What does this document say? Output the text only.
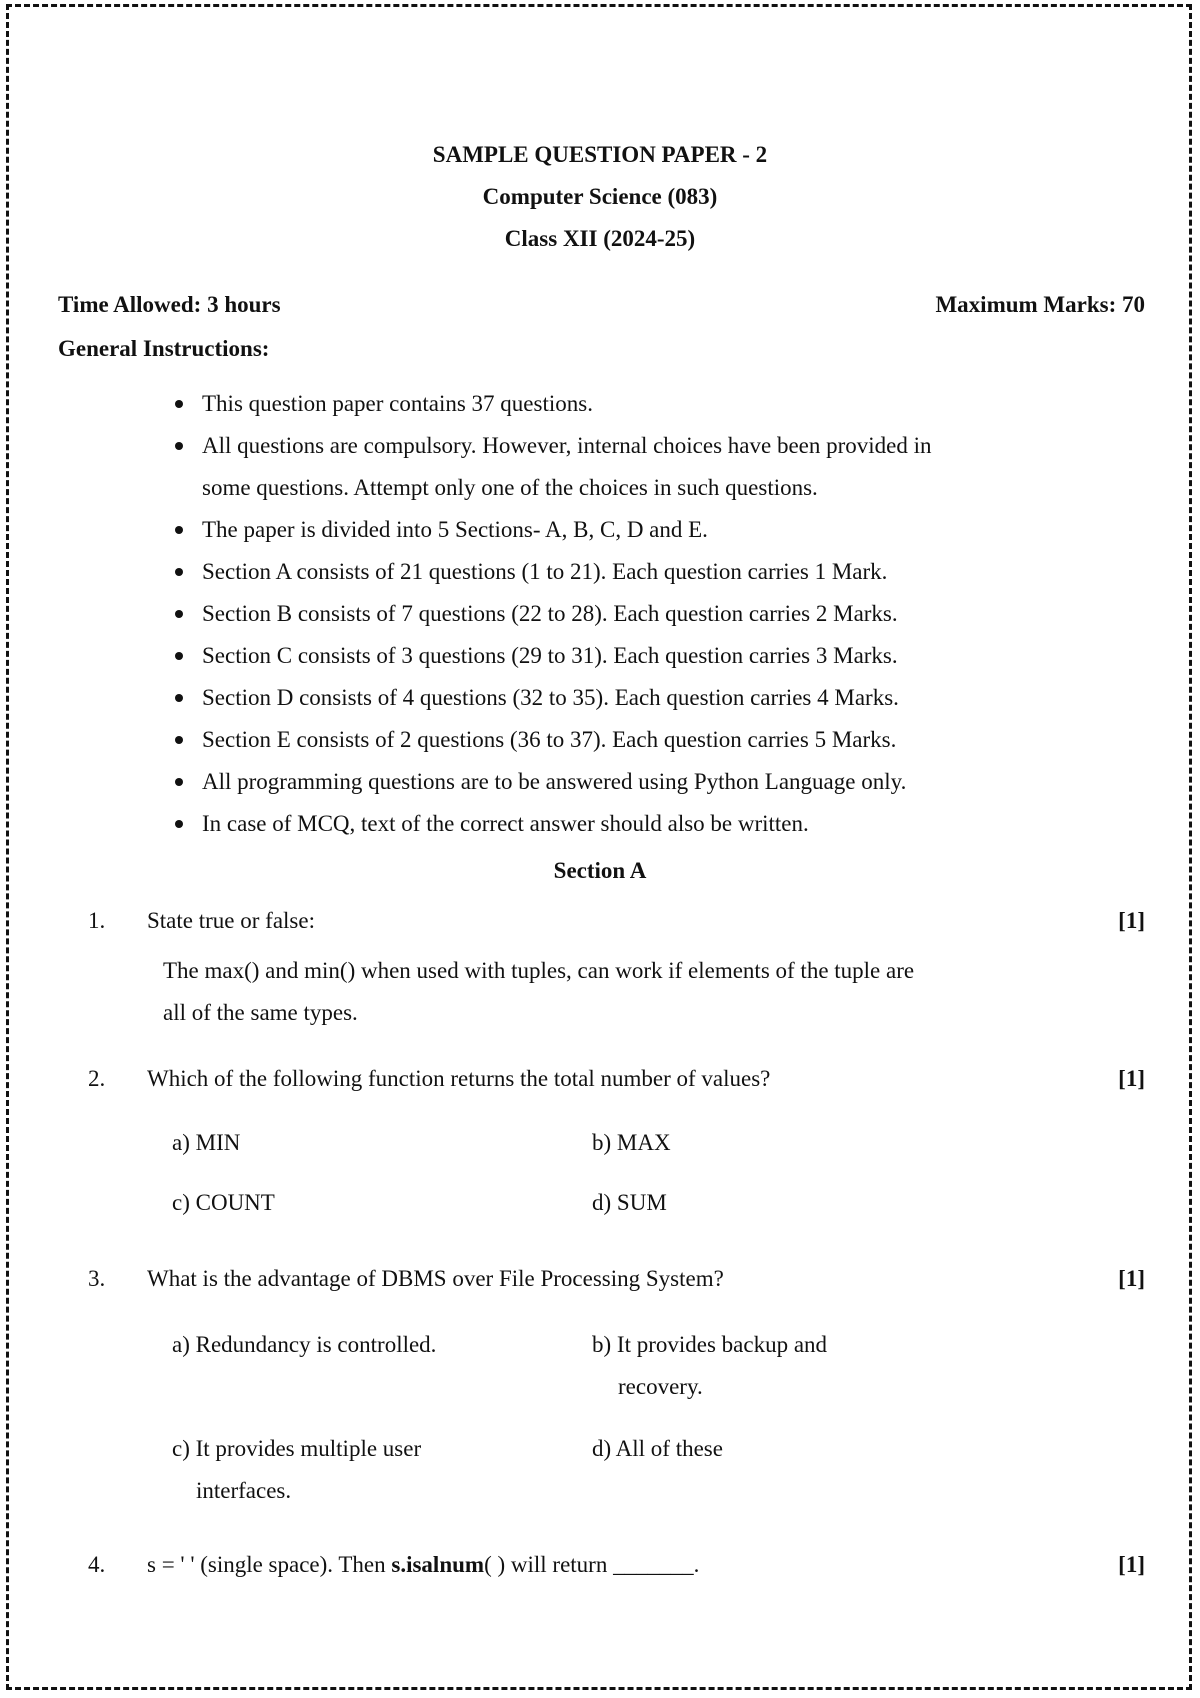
SAMPLE QUESTION PAPER - 2
Computer Science (083)
Class XII (2024-25)
Time Allowed: 3 hours	Maximum Marks: 70
General Instructions:
This question paper contains 37 questions.
All questions are compulsory. However, internal choices have been provided in
some questions. Attempt only one of the choices in such questions.
The paper is divided into 5 Sections- A, B, C, D and E.
Section A consists of 21 questions (1 to 21). Each question carries 1 Mark.
Section B consists of 7 questions (22 to 28). Each question carries 2 Marks.
Section C consists of 3 questions (29 to 31). Each question carries 3 Marks.
Section D consists of 4 questions (32 to 35). Each question carries 4 Marks.
Section E consists of 2 questions (36 to 37). Each question carries 5 Marks.
All programming questions are to be answered using Python Language only.
In case of MCQ, text of the correct answer should also be written.
Section A
1. State true or false:	[1]
The max() and min() when used with tuples, can work if elements of the tuple are
all of the same types.
2. Which of the following function returns the total number of values?	[1]
a) MIN	b) MAX
c) COUNT	d) SUM
3. What is the advantage of DBMS over File Processing System?	[1]
a) Redundancy is controlled.	b) It provides backup and
recovery.
c) It provides multiple user
interfaces.
d) All of these
4. s = ' ' (single space). Then s.isalnum( ) will return _______.	[1]
